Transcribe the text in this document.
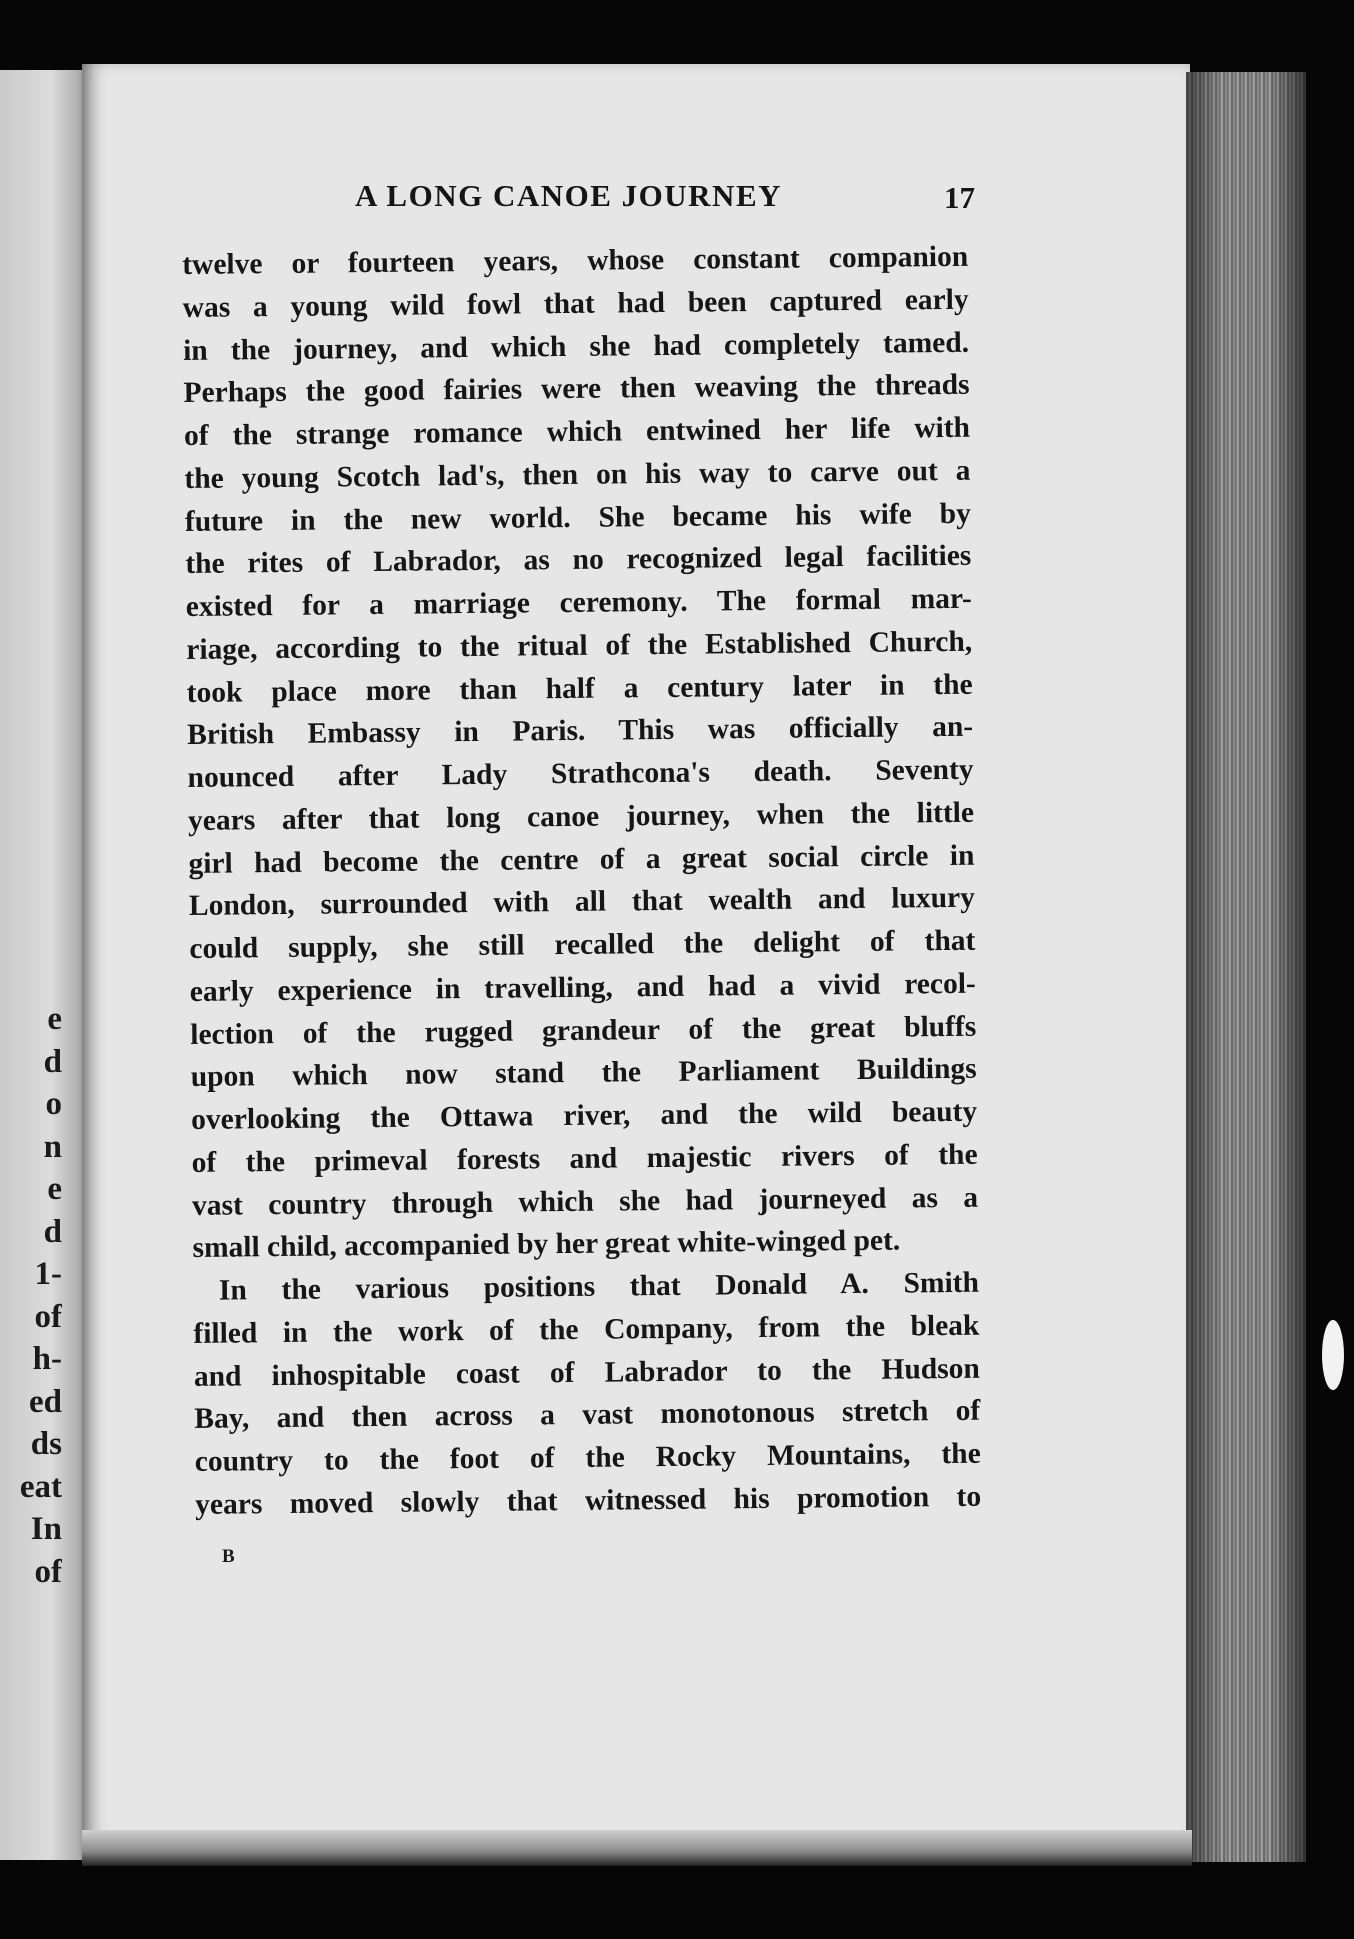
e
d
o
n
e
d
1-
of
h-
ed
ds
eat
In
of
A LONG CANOE JOURNEY	17
twelve or fourteen years, whose constant companion
was a young wild fowl that had been captured early
in the journey, and which she had completely tamed.
Perhaps the good fairies were then weaving the threads
of the strange romance which entwined her life with
the young Scotch lad's, then on his way to carve out a
future in the new world. She became his wife by
the rites of Labrador, as no recognized legal facilities
existed for a marriage ceremony. The formal mar-
riage, according to the ritual of the Established Church,
took place more than half a century later in the
British Embassy in Paris. This was officially an-
nounced after Lady Strathcona's death. Seventy
years after that long canoe journey, when the little
girl had become the centre of a great social circle in
London, surrounded with all that wealth and luxury
could supply, she still recalled the delight of that
early experience in travelling, and had a vivid recol-
lection of the rugged grandeur of the great bluffs
upon which now stand the Parliament Buildings
overlooking the Ottawa river, and the wild beauty
of the primeval forests and majestic rivers of the
vast country through which she had journeyed as a
small child, accompanied by her great white-winged pet.
In the various positions that Donald A. Smith
filled in the work of the Company, from the bleak
and inhospitable coast of Labrador to the Hudson
Bay, and then across a vast monotonous stretch of
country to the foot of the Rocky Mountains, the
years moved slowly that witnessed his promotion to
B
